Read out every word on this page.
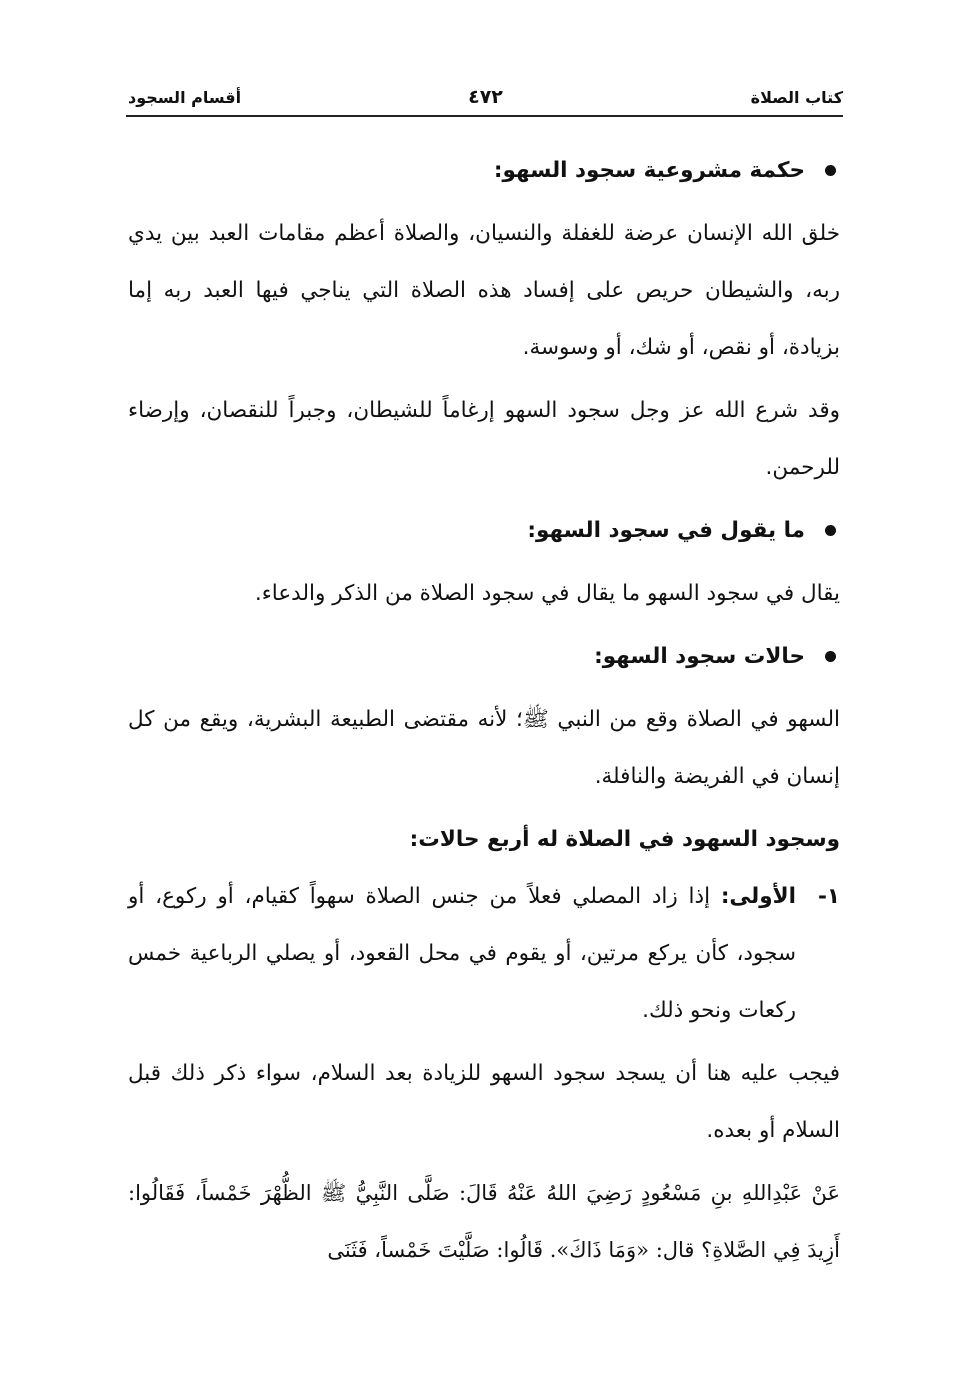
كتاب الصلاة
٤٧٢
أقسام السجود

حكمة مشروعية سجود السهو:

خلق الله الإنسان عرضة للغفلة والنسيان، والصلاة أعظم مقامات العبد بين يدي ربه، والشيطان حريص على إفساد هذه الصلاة التي يناجي فيها العبد ربه إما بزيادة، أو نقص، أو شك، أو وسوسة.

وقد شرع الله عز وجل سجود السهو إرغاماً للشيطان، وجبراً للنقصان، وإرضاء للرحمن.

ما يقول في سجود السهو:

يقال في سجود السهو ما يقال في سجود الصلاة من الذكر والدعاء.

حالات سجود السهو:

السهو في الصلاة وقع من النبي ﷺ؛ لأنه مقتضى الطبيعة البشرية، ويقع من كل إنسان في الفريضة والنافلة.

وسجود السهود في الصلاة له أربع حالات:

١-
الأولى: إذا زاد المصلي فعلاً من جنس الصلاة سهواً كقيام، أو ركوع، أو سجود، كأن يركع مرتين، أو يقوم في محل القعود، أو يصلي الرباعية خمس ركعات ونحو ذلك.

فيجب عليه هنا أن يسجد سجود السهو للزيادة بعد السلام، سواء ذكر ذلك قبل السلام أو بعده.

عَنْ عَبْدِاللهِ بنِ مَسْعُودٍ رَضِيَ اللهُ عَنْهُ قَالَ: صَلَّى النَّبِيُّ ﷺ الظُّهْرَ خَمْساً، فَقَالُوا: أَزِيدَ فِي الصَّلاةِ؟ قال: «وَمَا ذَاكَ». قَالُوا: صَلَّيْتَ خَمْساً، فَثَنَى
